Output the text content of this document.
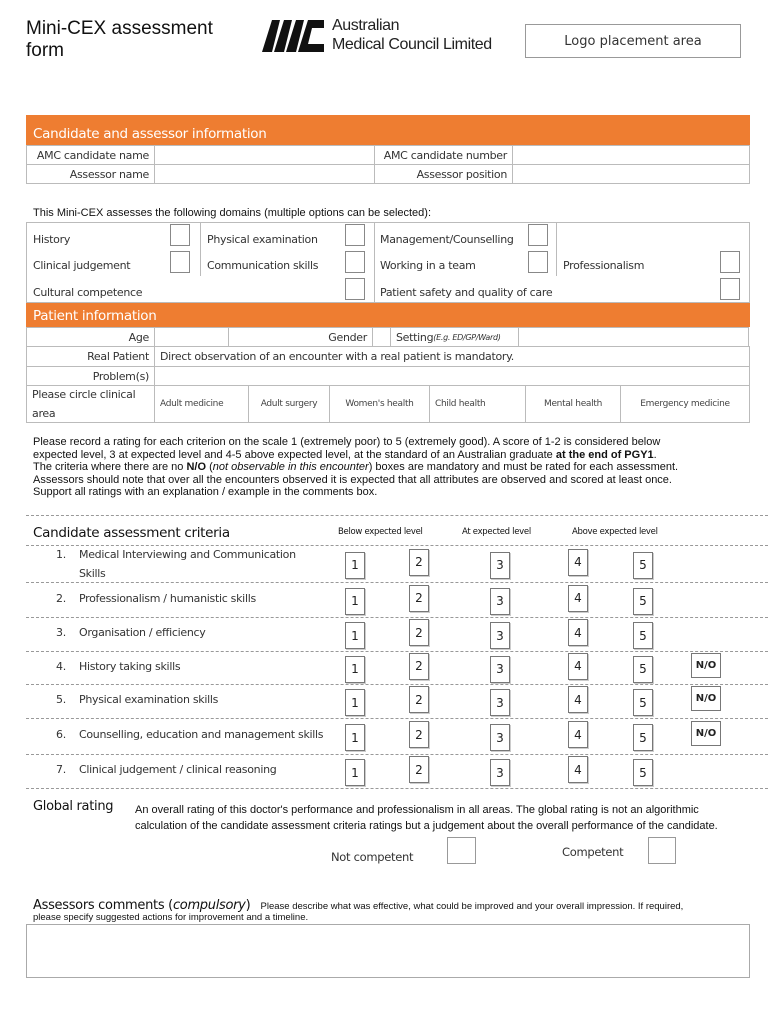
Mini-CEX assessment
form
Australian
Medical Council Limited	Logo placement area
Candidate and assessor information
AMC candidate name	AMC candidate number
Assessor name	Assessor position
This Mini-CEX assesses the following domains (multiple options can be selected):
History	Physical examination	Management/Counselling
Clinical judgement	Communication skills	Working in a team	Professionalism
Cultural competence	Patient safety and quality of care
Patient information
Age	Gender	Setting (E.g. ED/GP/Ward)
Real Patient	Direct observation of an encounter with a real patient is mandatory.
Problem(s)
Please circle clinical area
Adult medicine	Adult surgery	Women's health	Child health	Mental health	Emergency medicine

Please record a rating for each criterion on the scale 1 (extremely poor) to 5 (extremely good). A score of 1-2 is considered below

expected level, 3 at expected level and 4-5 above expected level, at the standard of an Australian graduate at the end of PGY1.

The criteria where there are no N/O (not observable in this encounter) boxes are mandatory and must be rated for each assessment.

Assessors should note that over all the encounters observed it is expected that all attributes are observed and scored at least once.

Support all ratings with an explanation / example in the comments box.

Candidate assessment criteria	Below expected level	At expected level	Above expected level
1. Medical Interviewing and Communication
Skills
1	2	3	4	5
2. Professionalism / humanistic skills	1	2	3	4	5
3. Organisation / efficiency	1	2	3	4	5
4. History taking skills	1	2	3	4	5	N/O
5. Physical examination skills	1	2	3	4	5	N/O
6. Counselling, education and management skills	1	2	3	4	5	N/O
7. Clinical judgement / clinical reasoning	1	2	3	4	5
Global rating An overall rating of this doctor's performance and professionalism in all areas. The global rating is not an algorithmic
calculation of the candidate assessment criteria ratings but a judgement about the overall performance of the candidate.
Not competent	Competent
Assessors comments (compulsory) Please describe what was effective, what could be improved and your overall impression. If required,
please specify suggested actions for improvement and a timeline.
